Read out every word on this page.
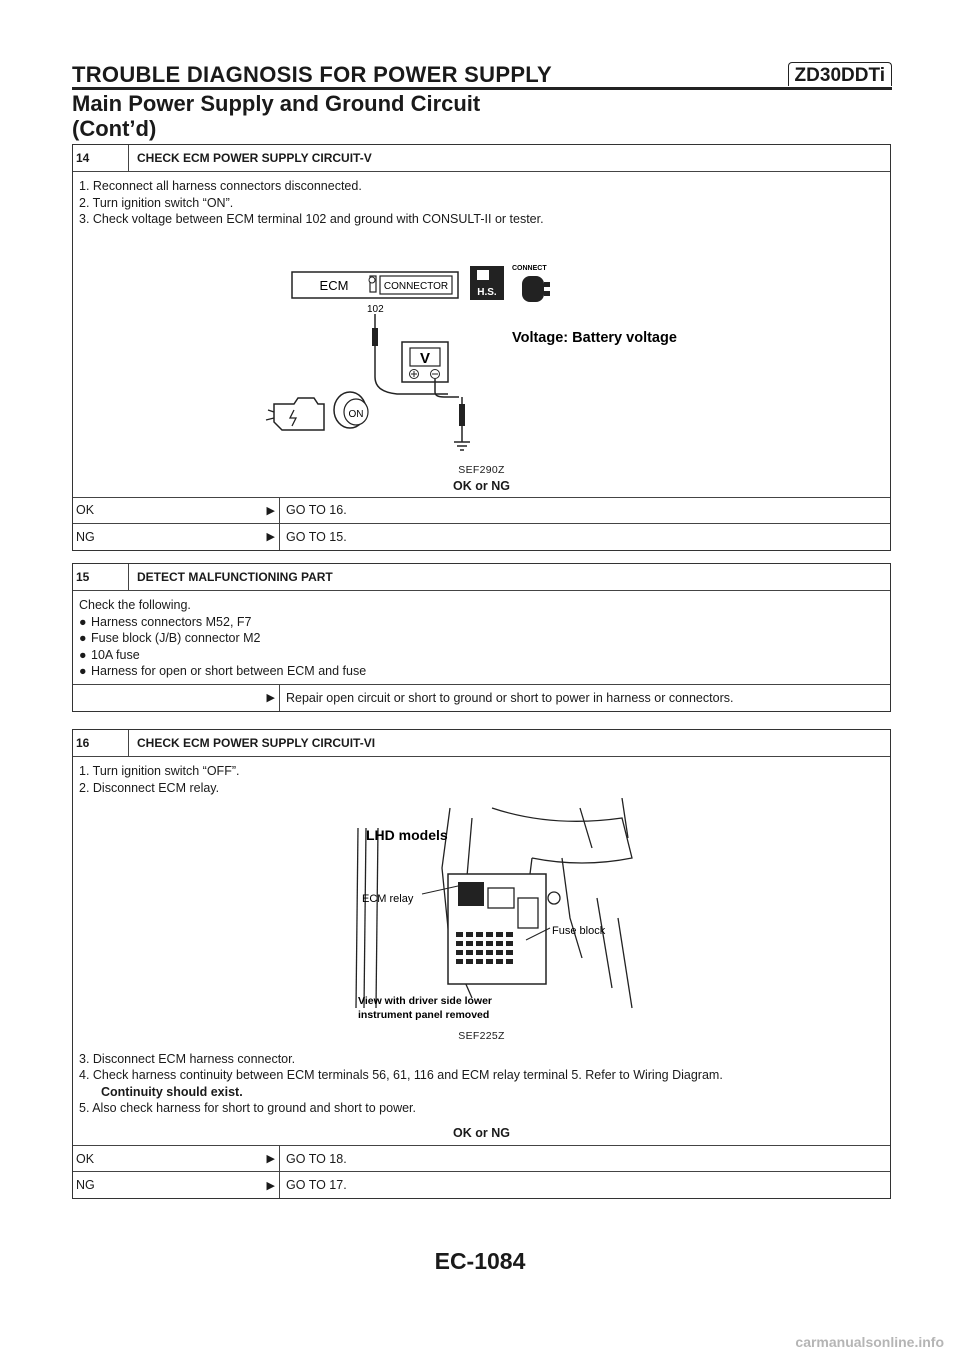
TROUBLE DIAGNOSIS FOR POWER SUPPLY	ZD30DDTi
Main Power Supply and Ground Circuit
(Cont’d)
14	CHECK ECM POWER SUPPLY CIRCUIT-V
1. Reconnect all harness connectors disconnected.
2. Turn ignition switch “ON”.
3. Check voltage between ECM terminal 102 and ground with CONSULT-II or tester.
ECM	CONNECTOR
102
H.S.
CONNECT
V
ON
Voltage: Battery voltage
SEF290Z
OK or NG
OK	▶ GO TO 16.
NG	▶ GO TO 15.
15	DETECT MALFUNCTIONING PART
Check the following.
● Harness connectors M52, F7
● Fuse block (J/B) connector M2
● 10A fuse
● Harness for open or short between ECM and fuse
▶ Repair open circuit or short to ground or short to power in harness or connectors.
16	CHECK ECM POWER SUPPLY CIRCUIT-VI
1. Turn ignition switch “OFF”.
2. Disconnect ECM relay.
LHD models
ECM relay
Fuse block
View with driver side lower
instrument panel removed
SEF225Z
3. Disconnect ECM harness connector.
4. Check harness continuity between ECM terminals 56, 61, 116 and ECM relay terminal 5. Refer to Wiring Diagram.
Continuity should exist.
5. Also check harness for short to ground and short to power.
OK or NG
OK	▶ GO TO 18.
NG	▶ GO TO 17.
EC-1084
carmanualsonline.info
